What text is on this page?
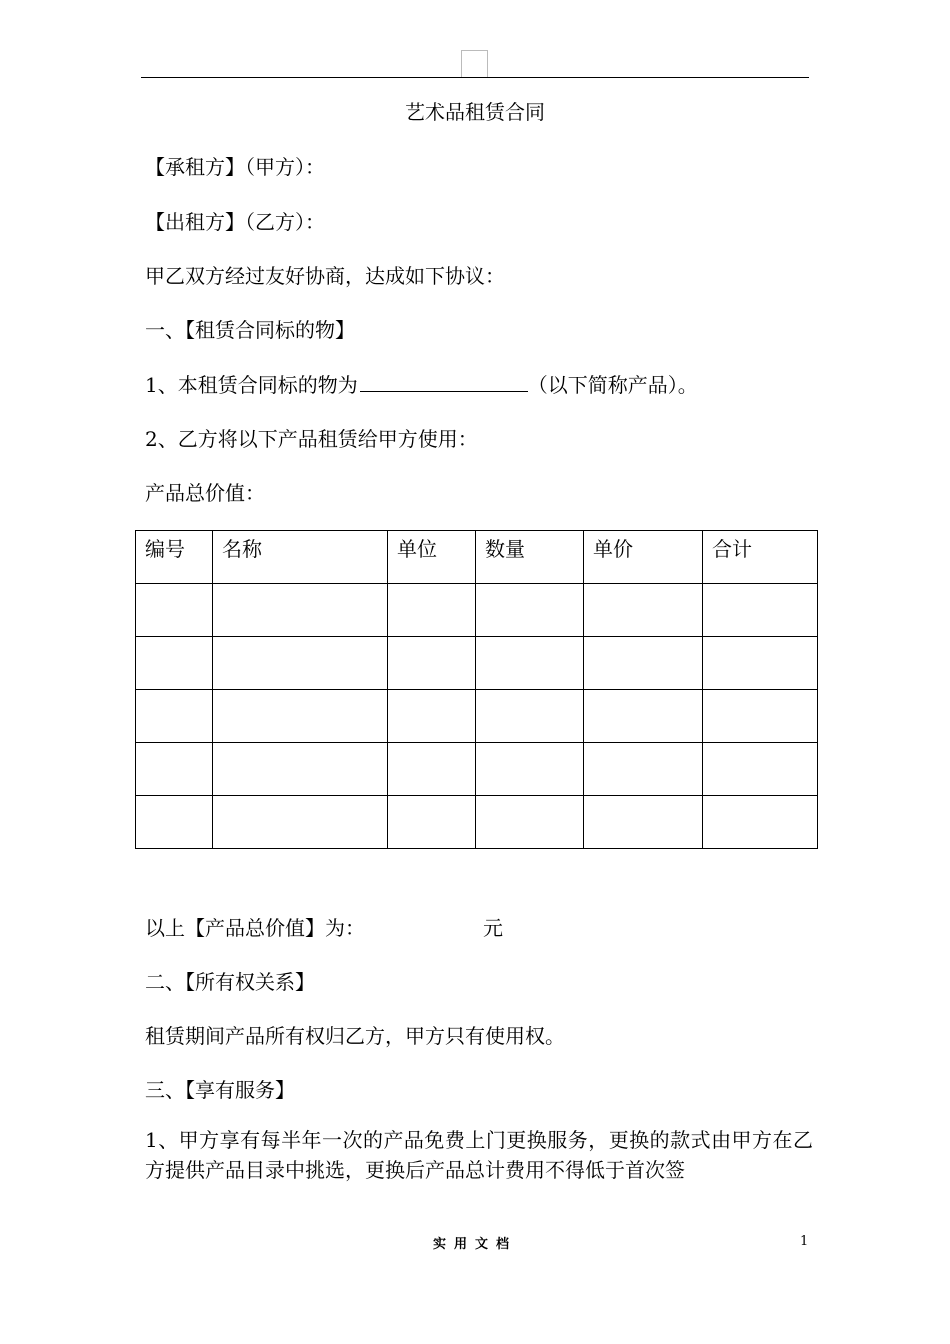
艺术品租赁合同
【承租方】（甲方）：
【出租方】（乙方）：
甲乙双方经过友好协商，达成如下协议：
一、【租赁合同标的物】
1、本租赁合同标的物为	（以下简称产品）。
2、乙方将以下产品租赁给甲方使用：
产品总价值：
编号	名称	单位	数量	单价	合计

以上【产品总价值】为：	元
二、【所有权关系】
租赁期间产品所有权归乙方，甲方只有使用权。
三、【享有服务】
1、甲方享有每半年一次的产品免费上门更换服务，更换的款式由甲方在乙方提供产品目录中挑选，更换后产品总计费用不得低于首次签
实用文档	1
